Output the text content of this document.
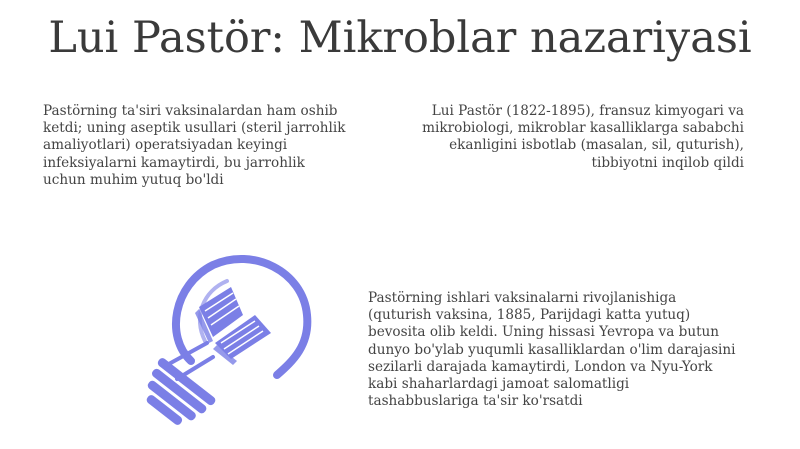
Lui Pastör: Mikroblar nazariyasi

Pastörning ta'siri vaksinalardan ham oshib ketdi; uning aseptik usullari (steril jarrohlik amaliyotlari) operatsiyadan keyingi infeksiyalarni kamaytirdi, bu jarrohlik uchun muhim yutuq bo'ldi

Lui Pastör (1822-1895), fransuz kimyogari va mikrobiologi, mikroblar kasalliklarga sababchi ekanligini isbotlab (masalan, sil, quturish), tibbiyotni inqilob qildi

Pastörning ishlari vaksinalarni rivojlanishiga (quturish vaksina, 1885, Parijdagi katta yutuq) bevosita olib keldi. Uning hissasi Yevropa va butun dunyo bo'ylab yuqumli kasalliklardan o'lim darajasini sezilarli darajada kamaytirdi, London va Nyu-York kabi shaharlardagi jamoat salomatligi tashabbuslariga ta'sir ko'rsatdi
